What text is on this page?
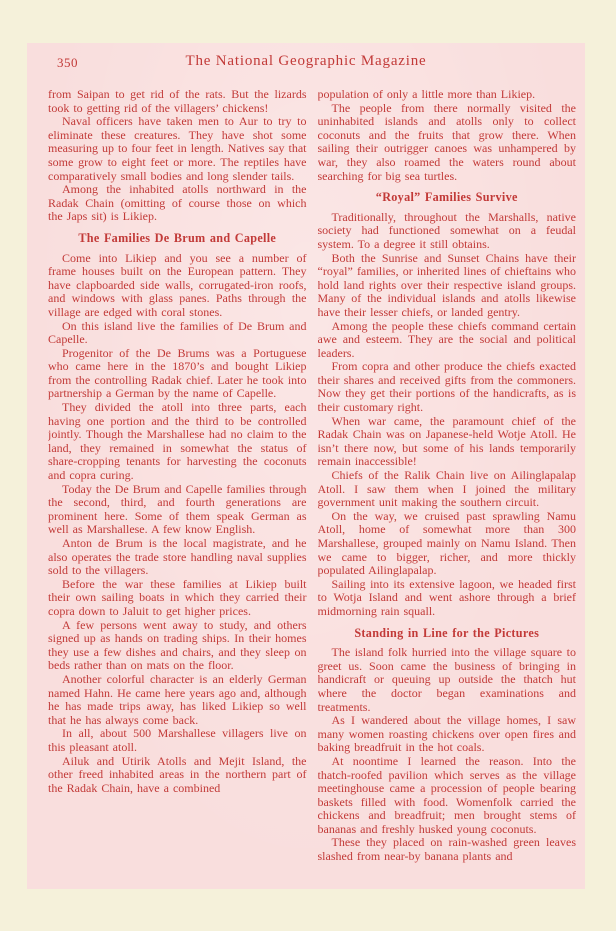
350	The National Geographic Magazine

from Saipan to get rid of the rats. But the lizards took to getting rid of the villagers’ chickens!

Naval officers have taken men to Aur to try to eliminate these creatures. They have shot some measuring up to four feet in length. Natives say that some grow to eight feet or more. The reptiles have comparatively small bodies and long slender tails.

Among the inhabited atolls northward in the Radak Chain (omitting of course those on which the Japs sit) is Likiep.

The Families De Brum and Capelle

Come into Likiep and you see a number of frame houses built on the European pattern. They have clapboarded side walls, corrugated-iron roofs, and windows with glass panes. Paths through the village are edged with coral stones.

On this island live the families of De Brum and Capelle.

Progenitor of the De Brums was a Portuguese who came here in the 1870’s and bought Likiep from the controlling Radak chief. Later he took into partnership a German by the name of Capelle.

They divided the atoll into three parts, each having one portion and the third to be controlled jointly. Though the Marshallese had no claim to the land, they remained in somewhat the status of share-cropping tenants for harvesting the coconuts and copra curing.

Today the De Brum and Capelle families through the second, third, and fourth generations are prominent here. Some of them speak German as well as Marshallese. A few know English.

Anton de Brum is the local magistrate, and he also operates the trade store handling naval supplies sold to the villagers.

Before the war these families at Likiep built their own sailing boats in which they carried their copra down to Jaluit to get higher prices.

A few persons went away to study, and others signed up as hands on trading ships. In their homes they use a few dishes and chairs, and they sleep on beds rather than on mats on the floor.

Another colorful character is an elderly German named Hahn. He came here years ago and, although he has made trips away, has liked Likiep so well that he has always come back.

In all, about 500 Marshallese villagers live on this pleasant atoll.

Ailuk and Utirik Atolls and Mejit Island, the other freed inhabited areas in the northern part of the Radak Chain, have a combined

population of only a little more than Likiep.

The people from there normally visited the uninhabited islands and atolls only to collect coconuts and the fruits that grow there. When sailing their outrigger canoes was unhampered by war, they also roamed the waters round about searching for big sea turtles.

“Royal” Families Survive

Traditionally, throughout the Marshalls, native society had functioned somewhat on a feudal system. To a degree it still obtains.

Both the Sunrise and Sunset Chains have their “royal” families, or inherited lines of chieftains who hold land rights over their respective island groups. Many of the individual islands and atolls likewise have their lesser chiefs, or landed gentry.

Among the people these chiefs command certain awe and esteem. They are the social and political leaders.

From copra and other produce the chiefs exacted their shares and received gifts from the commoners. Now they get their portions of the handicrafts, as is their customary right.

When war came, the paramount chief of the Radak Chain was on Japanese-held Wotje Atoll. He isn’t there now, but some of his lands temporarily remain inaccessible!

Chiefs of the Ralik Chain live on Ailinglapalap Atoll. I saw them when I joined the military government unit making the southern circuit.

On the way, we cruised past sprawling Namu Atoll, home of somewhat more than 300 Marshallese, grouped mainly on Namu Island. Then we came to bigger, richer, and more thickly populated Ailinglapalap.

Sailing into its extensive lagoon, we headed first to Wotja Island and went ashore through a brief midmorning rain squall.

Standing in Line for the Pictures

The island folk hurried into the village square to greet us. Soon came the business of bringing in handicraft or queuing up outside the thatch hut where the doctor began examinations and treatments.

As I wandered about the village homes, I saw many women roasting chickens over open fires and baking breadfruit in the hot coals.

At noontime I learned the reason. Into the thatch-roofed pavilion which serves as the village meetinghouse came a procession of people bearing baskets filled with food. Womenfolk carried the chickens and breadfruit; men brought stems of bananas and freshly husked young coconuts.

These they placed on rain-washed green leaves slashed from near-by banana plants and
